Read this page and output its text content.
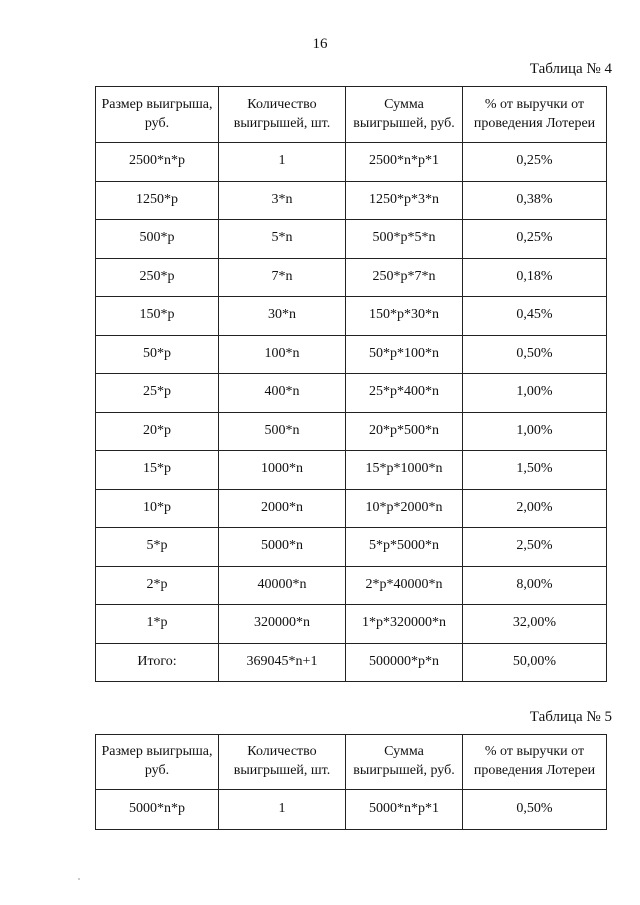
16
Таблица № 4
Размер выигрыша, руб.	Количество выигрышей, шт.	Сумма выигрышей, руб.	% от выручки от проведения Лотереи
2500*n*p	1	2500*n*p*1	0,25%
1250*p	3*n	1250*p*3*n	0,38%
500*p	5*n	500*p*5*n	0,25%
250*p	7*n	250*p*7*n	0,18%
150*p	30*n	150*p*30*n	0,45%
50*p	100*n	50*p*100*n	0,50%
25*p	400*n	25*p*400*n	1,00%
20*p	500*n	20*p*500*n	1,00%
15*p	1000*n	15*p*1000*n	1,50%
10*p	2000*n	10*p*2000*n	2,00%
5*p	5000*n	5*p*5000*n	2,50%
2*p	40000*n	2*p*40000*n	8,00%
1*p	320000*n	1*p*320000*n	32,00%
Итого:	369045*n+1	500000*p*n	50,00%
Таблица № 5
Размер выигрыша, руб.	Количество выигрышей, шт.	Сумма выигрышей, руб.	% от выручки от проведения Лотереи
5000*n*p	1	5000*n*p*1	0,50%
